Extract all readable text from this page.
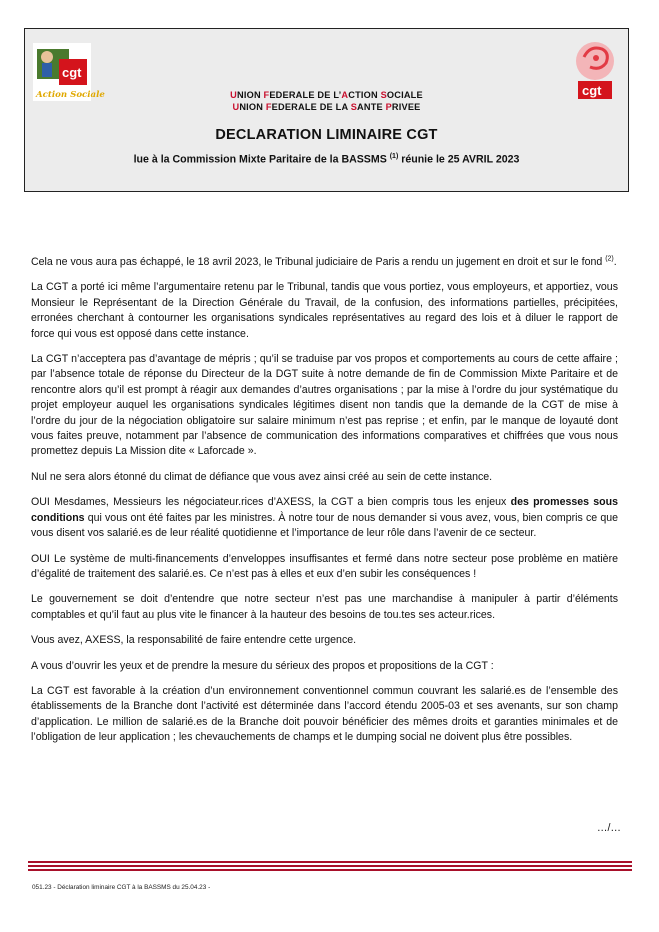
cgt
Action Sociale	cgt
UNION FEDERALE DE L’ACTION SOCIALE
UNION FEDERALE DE LA SANTE PRIVEE
DECLARATION LIMINAIRE CGT
lue à la Commission Mixte Paritaire de la BASSMS $^{(1)}$ réunie le 25 AVRIL 2023

Cela ne vous aura pas échappé, le 18 avril 2023, le Tribunal judiciaire de Paris a rendu un jugement en droit et sur le fond $^{(2)}$.

La CGT a porté ici même l’argumentaire retenu par le Tribunal, tandis que vous portiez, vous employeurs, et apportiez, vous Monsieur le Représentant de la Direction Générale du Travail, de la confusion, des informations partielles, précipitées, erronées cherchant à contourner les organisations syndicales représentatives au regard des lois et à diluer le rapport de force qui vous est opposé dans cette instance.

La CGT n’acceptera pas d’avantage de mépris ; qu’il se traduise par vos propos et comportements au cours de cette affaire ; par l’absence totale de réponse du Directeur de la DGT suite à notre demande de fin de Commission Mixte Paritaire et de rencontre alors qu’il est prompt à réagir aux demandes d’autres organisations ; par la mise à l’ordre du jour systématique du projet employeur auquel les organisations syndicales légitimes disent non tandis que la demande de la CGT de mise à l’ordre du jour de la négociation obligatoire sur salaire minimum n’est pas reprise ; et enfin, par le manque de loyauté dont vous faites preuve, notamment par l’absence de communication des informations comparatives et chiffrées que vous nous promettez depuis La Mission dite « Laforcade ».

Nul ne sera alors étonné du climat de défiance que vous avez ainsi créé au sein de cette instance.

OUI Mesdames, Messieurs les négociateur.rices d’AXESS, la CGT a bien compris tous les enjeux des promesses sous conditions qui vous ont été faites par les ministres. À notre tour de nous demander si vous avez, vous, bien compris ce que vous disent vos salarié.es de leur réalité quotidienne et l’importance de leur rôle dans l’avenir de ce secteur.

OUI Le système de multi-financements d’enveloppes insuffisantes et fermé dans notre secteur pose problème en matière d’égalité de traitement des salarié.es. Ce n’est pas à elles et eux d’en subir les conséquences !

Le gouvernement se doit d’entendre que notre secteur n’est pas une marchandise à manipuler à partir d’éléments comptables et qu’il faut au plus vite le financer à la hauteur des besoins de tou.tes ses acteur.rices.

Vous avez, AXESS, la responsabilité de faire entendre cette urgence.

A vous d’ouvrir les yeux et de prendre la mesure du sérieux des propos et propositions de la CGT :

La CGT est favorable à la création d’un environnement conventionnel commun couvrant les salarié.es de l’ensemble des établissements de la Branche dont l’activité est déterminée dans l’accord étendu 2005-03 et ses avenants, sur son champ d’application. Le million de salarié.es de la Branche doit pouvoir bénéficier des mêmes droits et garanties minimales et de l’obligation de leur application ; les chevauchements de champs et le dumping social ne doivent plus être possibles.

…/…
051.23 - Déclaration liminaire CGT à la BASSMS du 25.04.23 -
